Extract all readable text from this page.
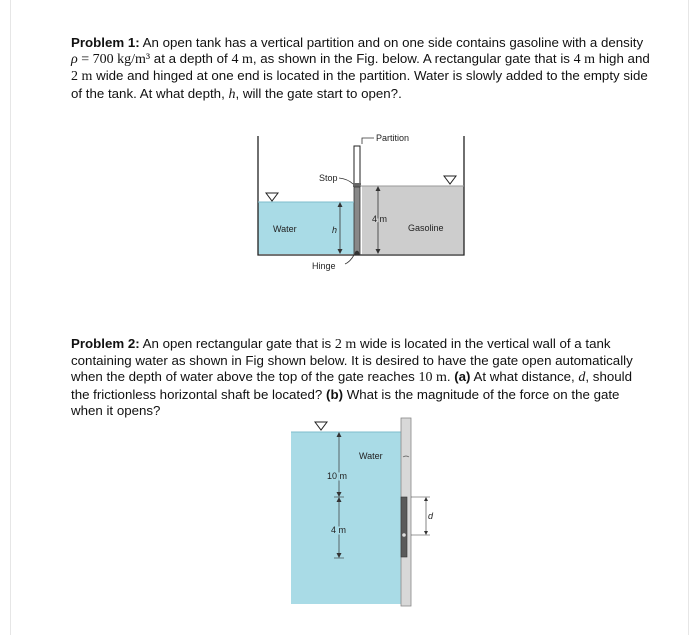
Problem 1: An open tank has a vertical partition and on one side contains gasoline with a density ρ = 700 kg/m³ at a depth of 4 m, as shown in the Fig. below. A rectangular gate that is 4 m high and 2 m wide and hinged at one end is located in the partition. Water is slowly added to the empty side of the tank. At what depth, h, will the gate start to open?.
Partition
Stop
Water	h
4 m
Gasoline
Hinge
Problem 2: An open rectangular gate that is 2 m wide is located in the vertical wall of a tank containing water as shown in Fig shown below. It is desired to have the gate open automatically when the depth of water above the top of the gate reaches 10 m. (a) At what distance, d, should the frictionless horizontal shaft be located? (b) What is the magnitude of the force on the gate when it opens?
d
Water
10 m
4 m
